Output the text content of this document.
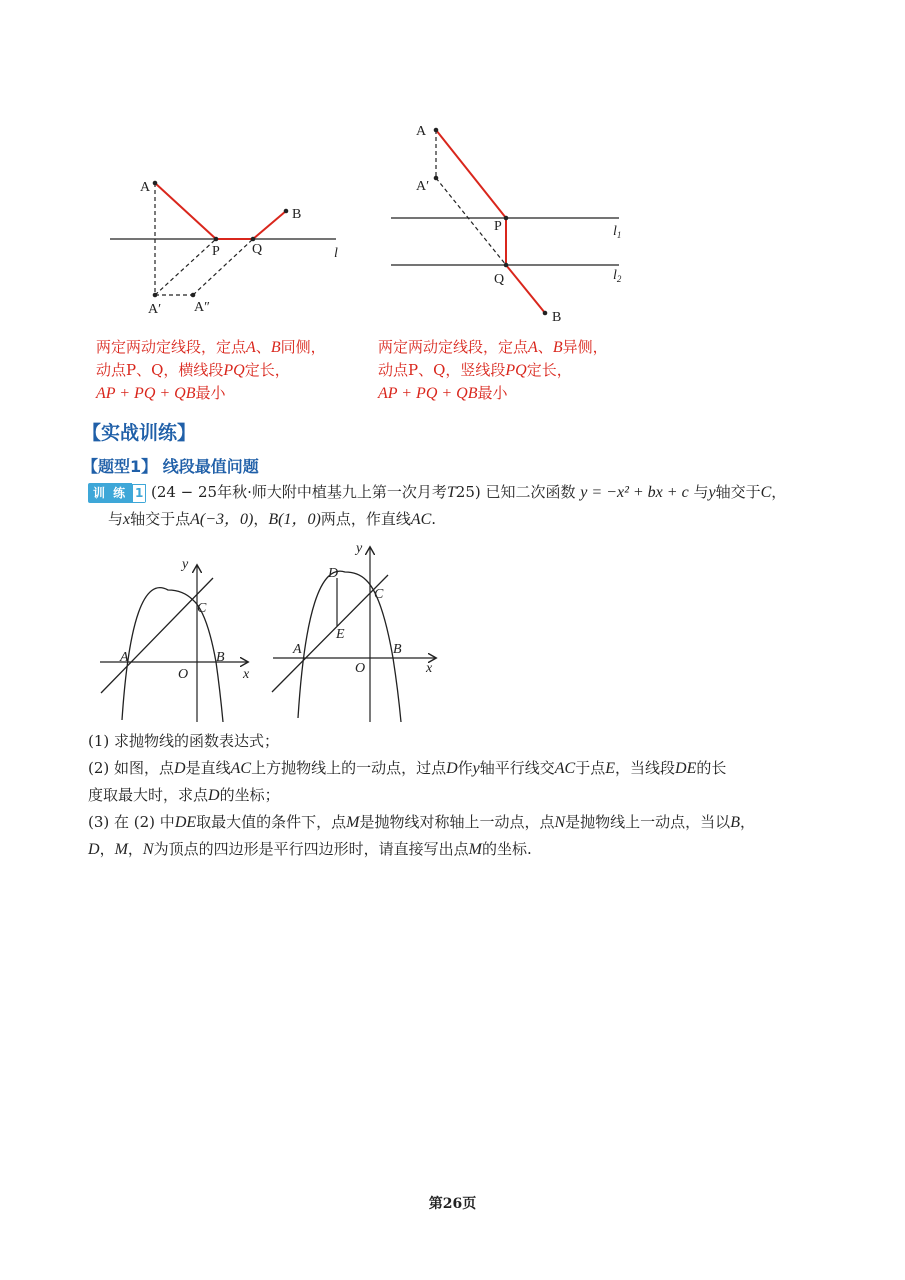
A
P Q
B
A′ A″
l
A
A′
P
Q
B
$l_1$
$l_2$
两定两动定线段，定点A、B同侧，
动点P、Q，横线段PQ定长，
AP + PQ + QB最小
两定两动定线段，定点A、B异侧，
动点P、Q，竖线段PQ定长，
AP + PQ + QB最小
【实战训练】
【题型1】 线段最值问题
训 练 1 (24 − 25年秋·师大附中植基九上第一次月考T25) 已知二次函数 y = −x² + bx + c 与y轴交于C，
与x轴交于点A(−3，0)，B(1，0)两点，作直线AC.
y
C
A
O
B
x
y
D
C
E
A
O
B
x
(1) 求抛物线的函数表达式；
(2) 如图，点D是直线AC上方抛物线上的一动点，过点D作y轴平行线交AC于点E，当线段DE的长
度取最大时，求点D的坐标；
(3) 在 (2) 中DE取最大值的条件下，点M是抛物线对称轴上一动点，点N是抛物线上一动点，当以B，
D，M，N为顶点的四边形是平行四边形时，请直接写出点M的坐标.
第26页
